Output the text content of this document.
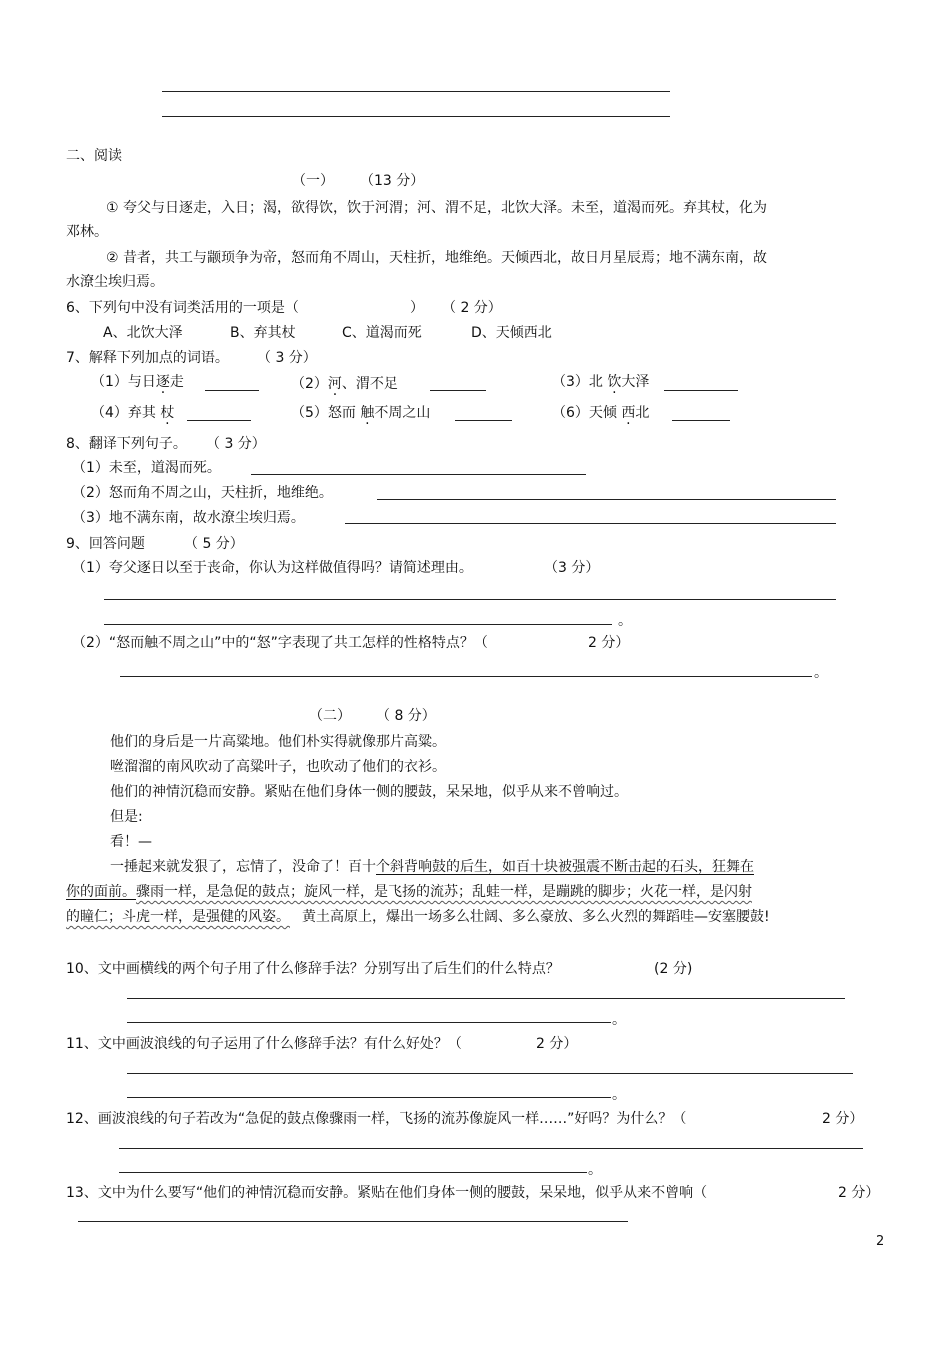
二、阅读
（一） （13 分）
① 夸父与日逐走，入日；渴，欲得饮，饮于河渭；河、渭不足，北饮大泽。未至，道渴而死。弃其杖，化为
邓林。
② 昔者，共工与颛顼争为帝，怒而角不周山，天柱折，地维绝。天倾西北，故日月星辰焉；地不满东南，故
水潦尘埃归焉。
6、下列句中没有词类活用的一项是（	） （ 2 分）
A、北饮大泽	B、弃其杖	C、道渴而死	D、天倾西北
7、解释下列加点的词语。 （ 3 分）
（1）与日逐走	（2）河、渭不足	（3）北 饮大泽
（4）弃其 杖	（5）怒而 触不周之山	（6）天倾 西北
8、翻译下列句子。 （ 3 分）
（1）未至，道渴而死。
（2）怒而角不周之山，天柱折，地维绝。
（3）地不满东南，故水潦尘埃归焉。
9、回答问题	（ 5 分）
（1）夸父逐日以至于丧命，你认为这样做值得吗？请简述理由。	（3 分）
。
（2）“怒而触不周之山”中的“怒”字表现了共工怎样的性格特点？（	2 分）
。
（二） （ 8 分）
他们的身后是一片高粱地。他们朴实得就像那片高粱。
咝溜溜的南风吹动了高粱叶子，也吹动了他们的衣衫。
他们的神情沉稳而安静。紧贴在他们身体一侧的腰鼓，呆呆地，似乎从来不曾响过。
但是:
看！—
一捶起来就发狠了，忘情了，没命了！百十个斜背响鼓的后生，如百十块被强震不断击起的石头，狂舞在
你的面前。骤雨一样，是急促的鼓点；旋风一样，是飞扬的流苏；乱蛙一样，是蹦跳的脚步；火花一样，是闪射
的瞳仁；斗虎一样，是强健的风姿。 黄土高原上，爆出一场多么壮阔、多么豪放、多么火烈的舞蹈哇—安塞腰鼓!
10、文中画横线的两个句子用了什么修辞手法？分别写出了后生们的什么特点？	(2 分)
。
11、文中画波浪线的句子运用了什么修辞手法？有什么好处？（	2 分）
。
12、画波浪线的句子若改为“急促的鼓点像骤雨一样，飞扬的流苏像旋风一样……”好吗？为什么？（	2 分）
。
13、文中为什么要写“他们的神情沉稳而安静。紧贴在他们身体一侧的腰鼓，呆呆地，似乎从来不曾响（	2 分）
2
